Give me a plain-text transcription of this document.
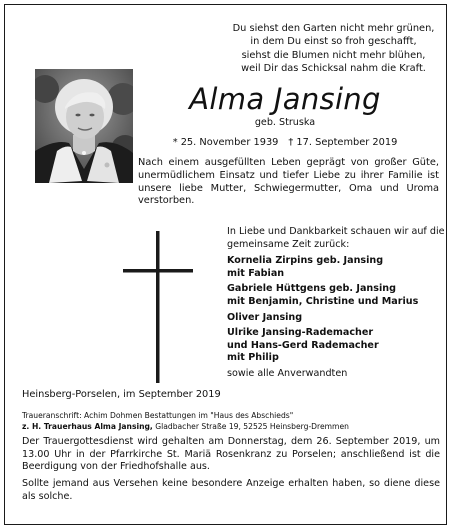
Du siehst den Garten nicht mehr grünen,
in dem Du einst so froh geschafft,
siehst die Blumen nicht mehr blühen,
weil Dir das Schicksal nahm die Kraft.
Alma Jansing
geb. Struska
* 25. November 1939 † 17. September 2019
Nach einem ausgefüllten Leben geprägt von großer Güte, unermüdlichem Einsatz und tiefer Liebe zu ihrer Familie ist unsere liebe Mutter, Schwiegermutter, Oma und Uroma verstorben.
In Liebe und Dankbarkeit schauen wir auf die gemeinsame Zeit zurück:
Kornelia Zirpins geb. Jansing
mit Fabian
Gabriele Hüttgens geb. Jansing
mit Benjamin, Christine und Marius
Oliver Jansing
Ulrike Jansing-Rademacher
und Hans-Gerd Rademacher
mit Philip
sowie alle Anverwandten
Heinsberg-Porselen, im September 2019
Traueranschrift: Achim Dohmen Bestattungen im "Haus des Abschieds"
z. H. Trauerhaus Alma Jansing, Gladbacher Straße 19, 52525 Heinsberg-Dremmen
Der Trauergottesdienst wird gehalten am Donnerstag, dem 26. September 2019, um 13.00 Uhr in der Pfarrkirche St. Mariä Rosenkranz zu Porselen; anschließend ist die Beerdigung von der Friedhofshalle aus.
Sollte jemand aus Versehen keine besondere Anzeige erhalten haben, so diene diese als solche.
